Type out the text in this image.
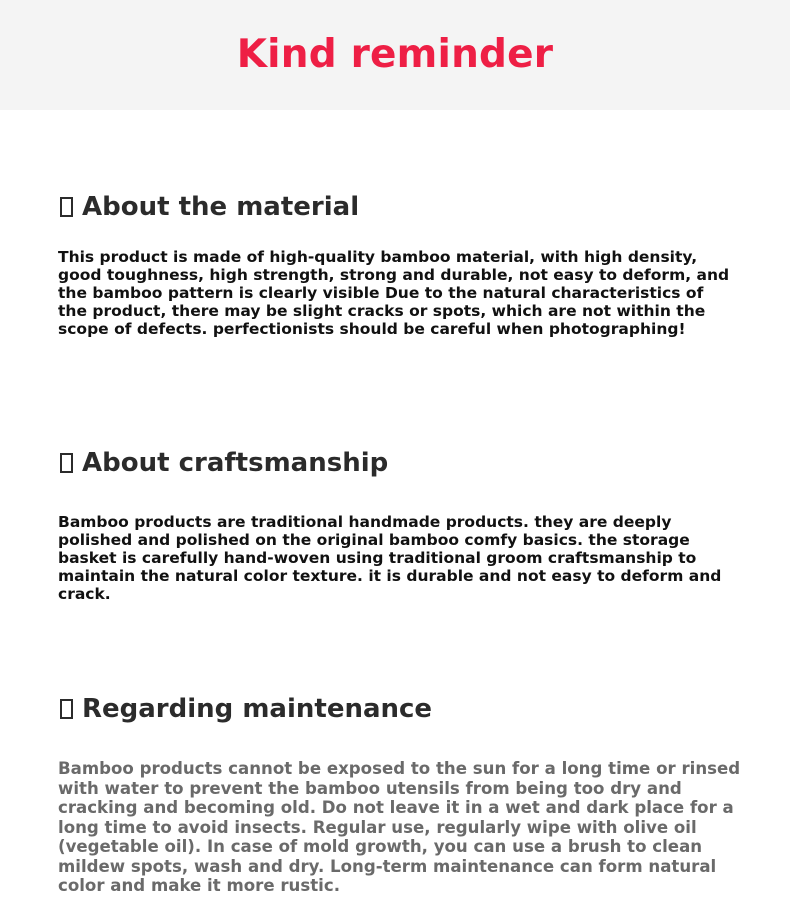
Kind reminder
About the material
This product is made of high-quality bamboo material, with high density, good toughness, high strength, strong and durable, not easy to deform, and the bamboo pattern is clearly visible Due to the natural characteristics of the product, there may be slight cracks or spots, which are not within the scope of defects. perfectionists should be careful when photographing!
About craftsmanship
Bamboo products are traditional handmade products. they are deeply polished and polished on the original bamboo comfy basics. the storage basket is carefully hand-woven using traditional groom craftsmanship to maintain the natural color texture. it is durable and not easy to deform and crack.
Regarding maintenance
Bamboo products cannot be exposed to the sun for a long time or rinsed with water to prevent the bamboo utensils from being too dry and cracking and becoming old. Do not leave it in a wet and dark place for a long time to avoid insects. Regular use, regularly wipe with olive oil (vegetable oil). In case of mold growth, you can use a brush to clean mildew spots, wash and dry. Long-term maintenance can form natural color and make it more rustic.
